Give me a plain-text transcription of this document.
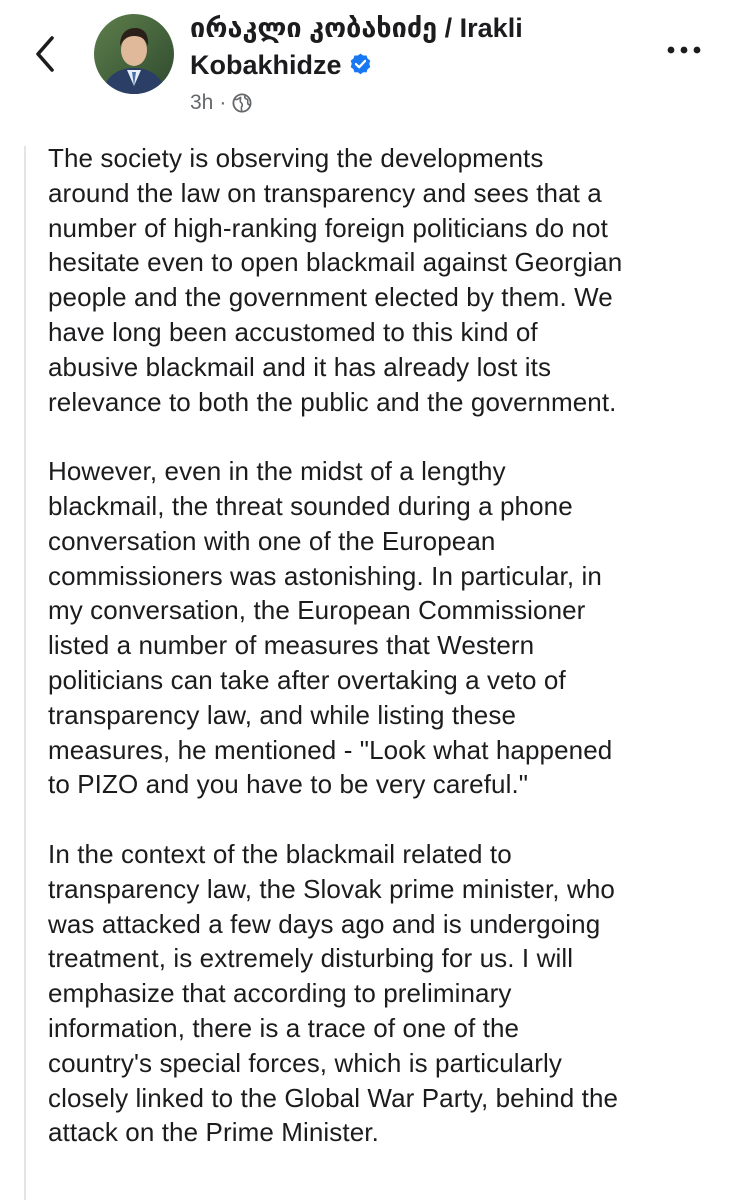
ირაკლი კობახიძე / Irakli Kobakhidze
3h ·

The society is observing the developments
around the law on transparency and sees that a
number of high-ranking foreign politicians do not
hesitate even to open blackmail against Georgian
people and the government elected by them. We
have long been accustomed to this kind of
abusive blackmail and it has already lost its
relevance to both the public and the government.

However, even in the midst of a lengthy
blackmail, the threat sounded during a phone
conversation with one of the European
commissioners was astonishing. In particular, in
my conversation, the European Commissioner
listed a number of measures that Western
politicians can take after overtaking a veto of
transparency law, and while listing these
measures, he mentioned - "Look what happened
to PIZO and you have to be very careful."

In the context of the blackmail related to
transparency law, the Slovak prime minister, who
was attacked a few days ago and is undergoing
treatment, is extremely disturbing for us. I will
emphasize that according to preliminary
information, there is a trace of one of the
country's special forces, which is particularly
closely linked to the Global War Party, behind the
attack on the Prime Minister.
